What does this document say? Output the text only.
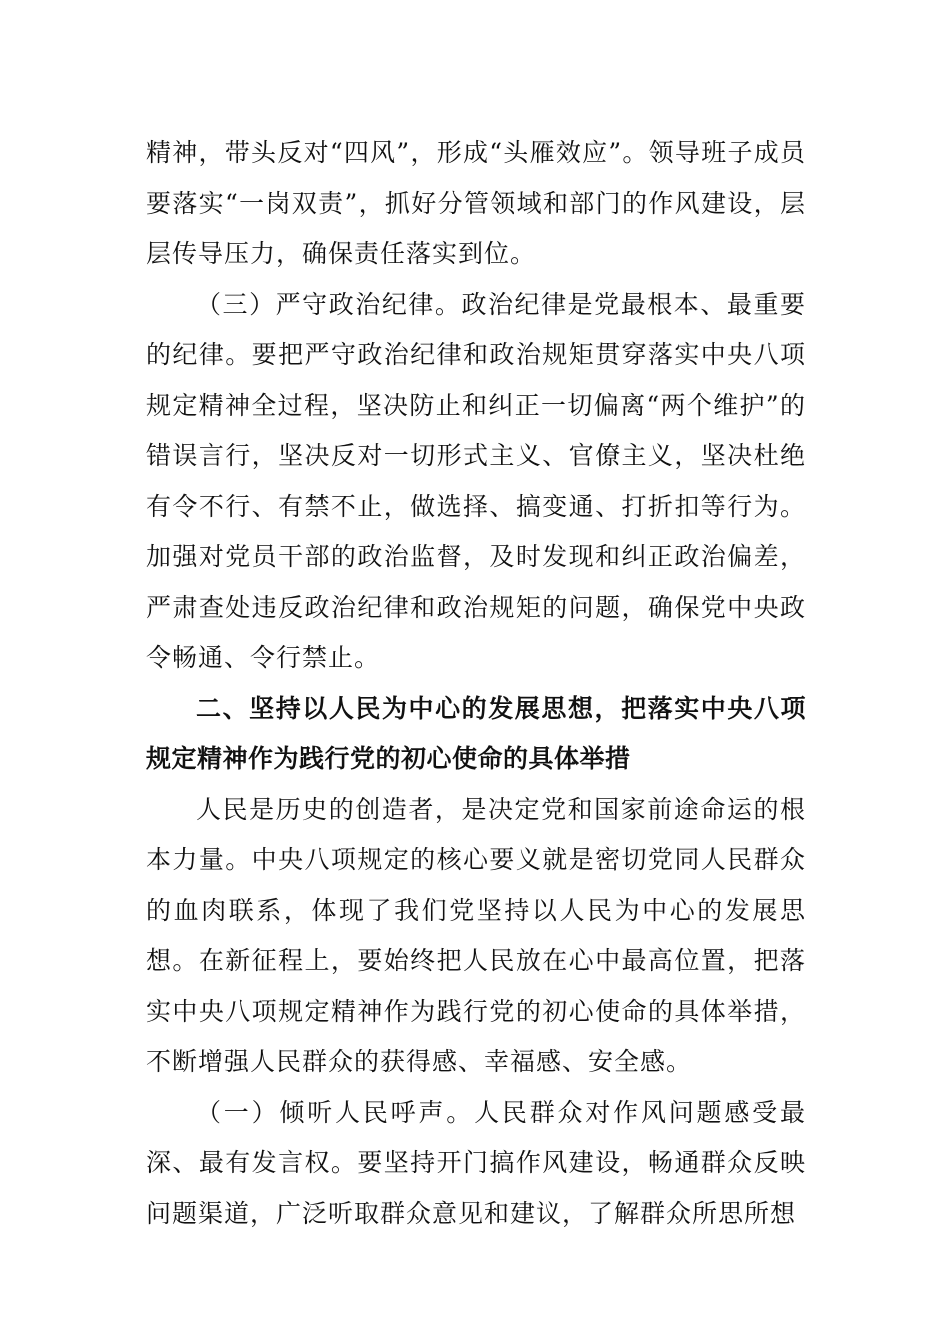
精神，带头反对“四风”，形成“头雁效应”。领导班子成员要落实“一岗双责”，抓好分管领域和部门的作风建设，层层传导压力，确保责任落实到位。

（三）严守政治纪律。政治纪律是党最根本、最重要的纪律。要把严守政治纪律和政治规矩贯穿落实中央八项规定精神全过程，坚决防止和纠正一切偏离“两个维护”的错误言行，坚决反对一切形式主义、官僚主义，坚决杜绝有令不行、有禁不止，做选择、搞变通、打折扣等行为。加强对党员干部的政治监督，及时发现和纠正政治偏差，严肃查处违反政治纪律和政治规矩的问题，确保党中央政令畅通、令行禁止。

二、坚持以人民为中心的发展思想，把落实中央八项规定精神作为践行党的初心使命的具体举措

人民是历史的创造者，是决定党和国家前途命运的根本力量。中央八项规定的核心要义就是密切党同人民群众的血肉联系，体现了我们党坚持以人民为中心的发展思想。在新征程上，要始终把人民放在心中最高位置，把落实中央八项规定精神作为践行党的初心使命的具体举措，不断增强人民群众的获得感、幸福感、安全感。

（一）倾听人民呼声。人民群众对作风问题感受最深、最有发言权。要坚持开门搞作风建设，畅通群众反映问题渠道，广泛听取群众意见和建议，了解群众所思所想
